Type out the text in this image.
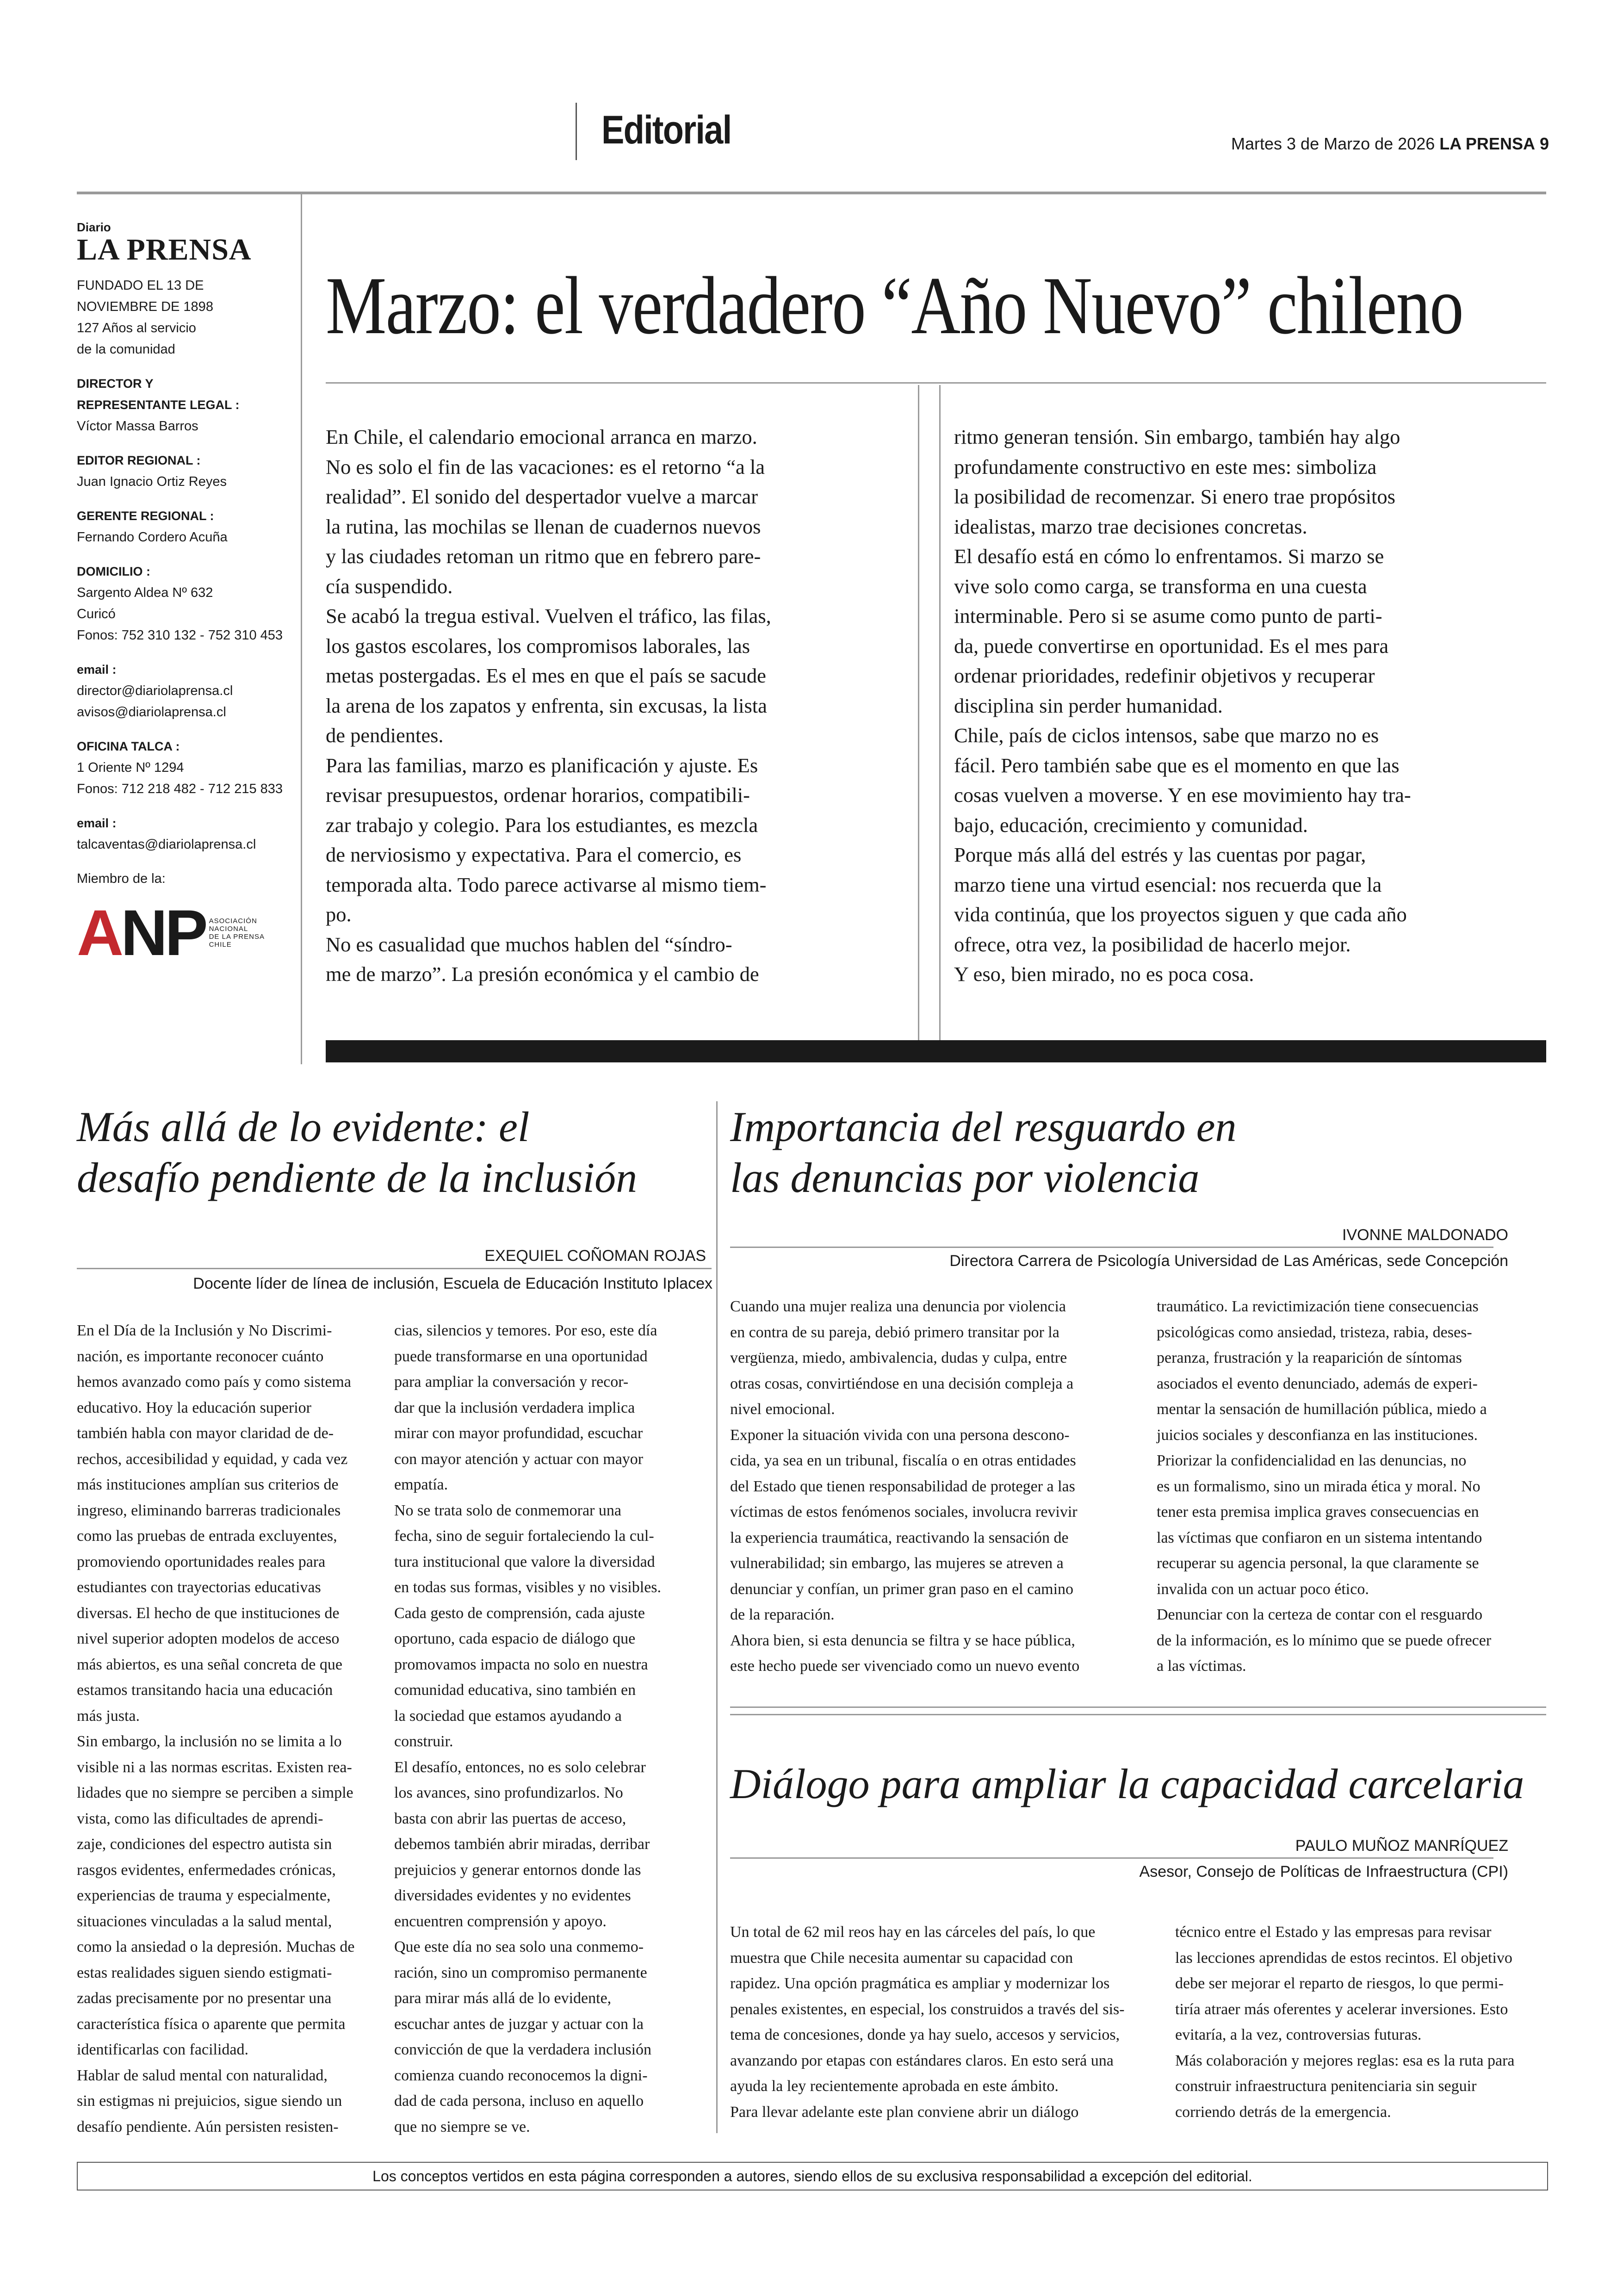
Editorial	Martes 3 de Marzo de 2026 LA PRENSA 9
Diario
LA PRENSA
FUNDADO EL 13 DE
NOVIEMBRE DE 1898
127 Años al servicio
de la comunidad
DIRECTOR Y
REPRESENTANTE LEGAL :
Víctor Massa Barros
EDITOR REGIONAL :
Juan Ignacio Ortiz Reyes
GERENTE REGIONAL :
Fernando Cordero Acuña
DOMICILIO :
Sargento Aldea Nº 632
Curicó
Fonos: 752 310 132 - 752 310 453
email :
director@diariolaprensa.cl
avisos@diariolaprensa.cl
OFICINA TALCA :
1 Oriente Nº 1294
Fonos: 712 218 482 - 712 215 833
email :
talcaventas@diariolaprensa.cl
Miembro de la:
ANP ASOCIACIÓN
NACIONAL
DE LA PRENSA
CHILE
Marzo: el verdadero “Año Nuevo” chileno
En Chile, el calendario emocional arranca en marzo.
No es solo el fin de las vacaciones: es el retorno “a la
realidad”. El sonido del despertador vuelve a marcar
la rutina, las mochilas se llenan de cuadernos nuevos
y las ciudades retoman un ritmo que en febrero pare-
cía suspendido.
Se acabó la tregua estival. Vuelven el tráfico, las filas,
los gastos escolares, los compromisos laborales, las
metas postergadas. Es el mes en que el país se sacude
la arena de los zapatos y enfrenta, sin excusas, la lista
de pendientes.
Para las familias, marzo es planificación y ajuste. Es
revisar presupuestos, ordenar horarios, compatibili-
zar trabajo y colegio. Para los estudiantes, es mezcla
de nerviosismo y expectativa. Para el comercio, es
temporada alta. Todo parece activarse al mismo tiem-
po.
No es casualidad que muchos hablen del “síndro-
me de marzo”. La presión económica y el cambio de
ritmo generan tensión. Sin embargo, también hay algo
profundamente constructivo en este mes: simboliza
la posibilidad de recomenzar. Si enero trae propósitos
idealistas, marzo trae decisiones concretas.
El desafío está en cómo lo enfrentamos. Si marzo se
vive solo como carga, se transforma en una cuesta
interminable. Pero si se asume como punto de parti-
da, puede convertirse en oportunidad. Es el mes para
ordenar prioridades, redefinir objetivos y recuperar
disciplina sin perder humanidad.
Chile, país de ciclos intensos, sabe que marzo no es
fácil. Pero también sabe que es el momento en que las
cosas vuelven a moverse. Y en ese movimiento hay tra-
bajo, educación, crecimiento y comunidad.
Porque más allá del estrés y las cuentas por pagar,
marzo tiene una virtud esencial: nos recuerda que la
vida continúa, que los proyectos siguen y que cada año
ofrece, otra vez, la posibilidad de hacerlo mejor.
Y eso, bien mirado, no es poca cosa.
Más allá de lo evidente: el
desafío pendiente de la inclusión
EXEQUIEL COÑOMAN ROJAS
Docente líder de línea de inclusión, Escuela de Educación Instituto Iplacex
En el Día de la Inclusión y No Discrimi-
nación, es importante reconocer cuánto
hemos avanzado como país y como sistema
educativo. Hoy la educación superior
también habla con mayor claridad de de-
rechos, accesibilidad y equidad, y cada vez
más instituciones amplían sus criterios de
ingreso, eliminando barreras tradicionales
como las pruebas de entrada excluyentes,
promoviendo oportunidades reales para
estudiantes con trayectorias educativas
diversas. El hecho de que instituciones de
nivel superior adopten modelos de acceso
más abiertos, es una señal concreta de que
estamos transitando hacia una educación
más justa.
Sin embargo, la inclusión no se limita a lo
visible ni a las normas escritas. Existen rea-
lidades que no siempre se perciben a simple
vista, como las dificultades de aprendi-
zaje, condiciones del espectro autista sin
rasgos evidentes, enfermedades crónicas,
experiencias de trauma y especialmente,
situaciones vinculadas a la salud mental,
como la ansiedad o la depresión. Muchas de
estas realidades siguen siendo estigmati-
zadas precisamente por no presentar una
característica física o aparente que permita
identificarlas con facilidad.
Hablar de salud mental con naturalidad,
sin estigmas ni prejuicios, sigue siendo un
desafío pendiente. Aún persisten resisten-
cias, silencios y temores. Por eso, este día
puede transformarse en una oportunidad
para ampliar la conversación y recor-
dar que la inclusión verdadera implica
mirar con mayor profundidad, escuchar
con mayor atención y actuar con mayor
empatía.
No se trata solo de conmemorar una
fecha, sino de seguir fortaleciendo la cul-
tura institucional que valore la diversidad
en todas sus formas, visibles y no visibles.
Cada gesto de comprensión, cada ajuste
oportuno, cada espacio de diálogo que
promovamos impacta no solo en nuestra
comunidad educativa, sino también en
la sociedad que estamos ayudando a
construir.
El desafío, entonces, no es solo celebrar
los avances, sino profundizarlos. No
basta con abrir las puertas de acceso,
debemos también abrir miradas, derribar
prejuicios y generar entornos donde las
diversidades evidentes y no evidentes
encuentren comprensión y apoyo.
Que este día no sea solo una conmemo-
ración, sino un compromiso permanente
para mirar más allá de lo evidente,
escuchar antes de juzgar y actuar con la
convicción de que la verdadera inclusión
comienza cuando reconocemos la digni-
dad de cada persona, incluso en aquello
que no siempre se ve.
Importancia del resguardo en
las denuncias por violencia
IVONNE MALDONADO
Directora Carrera de Psicología Universidad de Las Américas, sede Concepción
Cuando una mujer realiza una denuncia por violencia
en contra de su pareja, debió primero transitar por la
vergüenza, miedo, ambivalencia, dudas y culpa, entre
otras cosas, convirtiéndose en una decisión compleja a
nivel emocional.
Exponer la situación vivida con una persona descono-
cida, ya sea en un tribunal, fiscalía o en otras entidades
del Estado que tienen responsabilidad de proteger a las
víctimas de estos fenómenos sociales, involucra revivir
la experiencia traumática, reactivando la sensación de
vulnerabilidad; sin embargo, las mujeres se atreven a
denunciar y confían, un primer gran paso en el camino
de la reparación.
Ahora bien, si esta denuncia se filtra y se hace pública,
este hecho puede ser vivenciado como un nuevo evento
traumático. La revictimización tiene consecuencias
psicológicas como ansiedad, tristeza, rabia, deses-
peranza, frustración y la reaparición de síntomas
asociados el evento denunciado, además de experi-
mentar la sensación de humillación pública, miedo a
juicios sociales y desconfianza en las instituciones.
Priorizar la confidencialidad en las denuncias, no
es un formalismo, sino un mirada ética y moral. No
tener esta premisa implica graves consecuencias en
las víctimas que confiaron en un sistema intentando
recuperar su agencia personal, la que claramente se
invalida con un actuar poco ético.
Denunciar con la certeza de contar con el resguardo
de la información, es lo mínimo que se puede ofrecer
a las víctimas.
Diálogo para ampliar la capacidad carcelaria
PAULO MUÑOZ MANRÍQUEZ
Asesor, Consejo de Políticas de Infraestructura (CPI)
Un total de 62 mil reos hay en las cárceles del país, lo que
muestra que Chile necesita aumentar su capacidad con
rapidez. Una opción pragmática es ampliar y modernizar los
penales existentes, en especial, los construidos a través del sis-
tema de concesiones, donde ya hay suelo, accesos y servicios,
avanzando por etapas con estándares claros. En esto será una
ayuda la ley recientemente aprobada en este ámbito.
Para llevar adelante este plan conviene abrir un diálogo
técnico entre el Estado y las empresas para revisar
las lecciones aprendidas de estos recintos. El objetivo
debe ser mejorar el reparto de riesgos, lo que permi-
tiría atraer más oferentes y acelerar inversiones. Esto
evitaría, a la vez, controversias futuras.
Más colaboración y mejores reglas: esa es la ruta para
construir infraestructura penitenciaria sin seguir
corriendo detrás de la emergencia.
Los conceptos vertidos en esta página corresponden a autores, siendo ellos de su exclusiva responsabilidad a excepción del editorial.
